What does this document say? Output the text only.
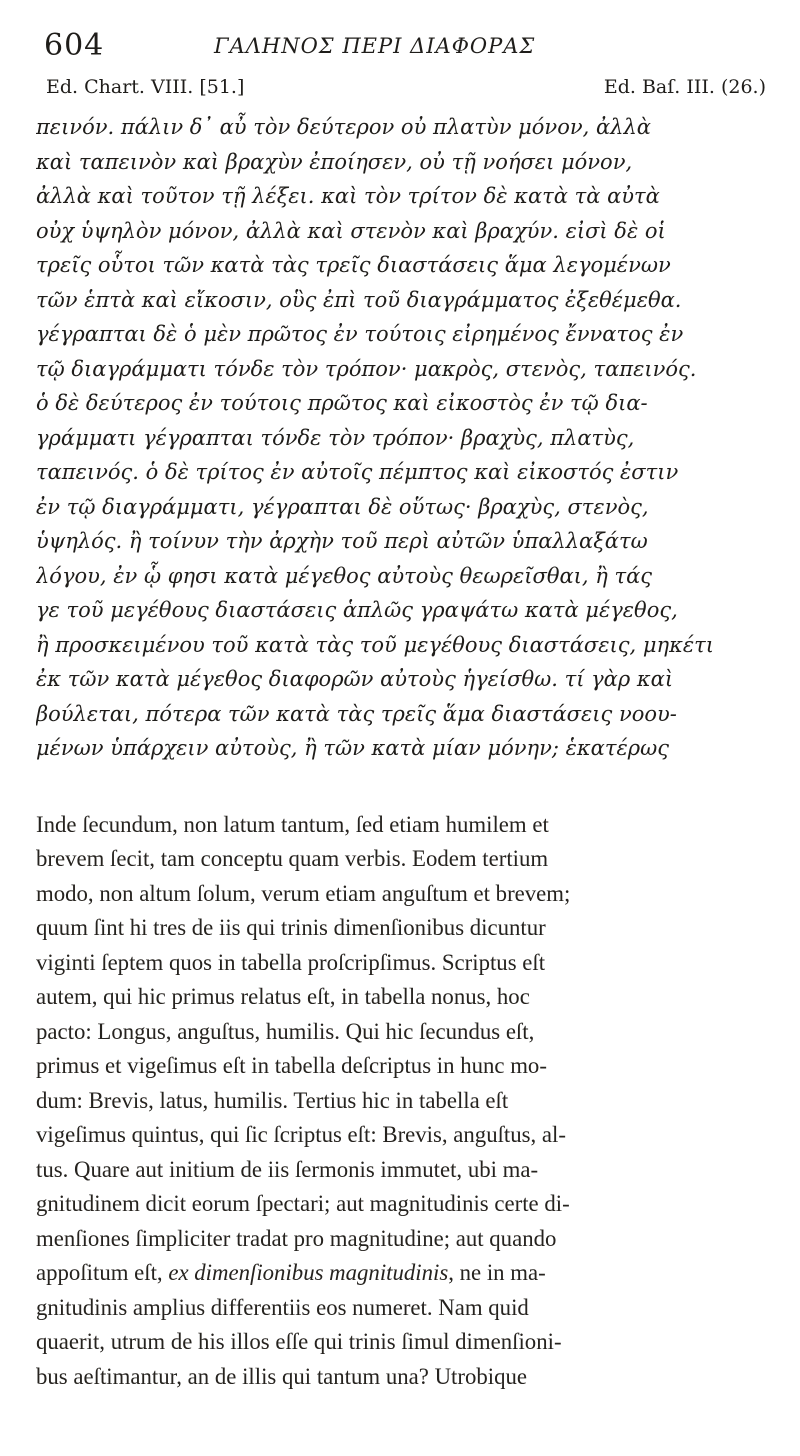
604	ΓΑΛΗΝΟΣ ΠΕΡΙ ΔΙΑΦΟΡΑΣ
Ed. Chart. VIII. [51.]	Ed. Baſ. III. (26.)
πεινόν. πάλιν δ᾽ αὖ τὸν δεύτερον οὐ πλατὺν μόνον, ἀλλὰ
καὶ ταπεινὸν καὶ βραχὺν ἐποίησεν, οὐ τῇ νοήσει μόνον,
ἀλλὰ καὶ τοῦτον τῇ λέξει. καὶ τὸν τρίτον δὲ κατὰ τὰ αὐτὰ
οὐχ ὑψηλὸν μόνον, ἀλλὰ καὶ στενὸν καὶ βραχύν. εἰσὶ δὲ οἱ
τρεῖς οὗτοι τῶν κατὰ τὰς τρεῖς διαστάσεις ἅμα λεγομένων
τῶν ἑπτὰ καὶ εἴκοσιν, οὓς ἐπὶ τοῦ διαγράμματος ἐξεθέμεθα.
γέγραπται δὲ ὁ μὲν πρῶτος ἐν τούτοις εἰρημένος ἔννατος ἐν
τῷ διαγράμματι τόνδε τὸν τρόπον· μακρὸς, στενὸς, ταπεινός.
ὁ δὲ δεύτερος ἐν τούτοις πρῶτος καὶ εἰκοστὸς ἐν τῷ δια-
γράμματι γέγραπται τόνδε τὸν τρόπον· βραχὺς, πλατὺς,
ταπεινός. ὁ δὲ τρίτος ἐν αὐτοῖς πέμπτος καὶ εἰκοστός ἐστιν
ἐν τῷ διαγράμματι, γέγραπται δὲ οὕτως· βραχὺς, στενὸς,
ὑψηλός. ἢ τοίνυν τὴν ἀρχὴν τοῦ περὶ αὐτῶν ὑπαλλαξάτω
λόγου, ἐν ᾧ φησι κατὰ μέγεθος αὐτοὺς θεωρεῖσθαι, ἢ τάς
γε τοῦ μεγέθους διαστάσεις ἁπλῶς γραψάτω κατὰ μέγεθος,
ἢ προσκειμένου τοῦ κατὰ τὰς τοῦ μεγέθους διαστάσεις, μηκέτι
ἐκ τῶν κατὰ μέγεθος διαφορῶν αὐτοὺς ἡγείσθω. τί γὰρ καὶ
βούλεται, πότερα τῶν κατὰ τὰς τρεῖς ἅμα διαστάσεις νοου-
μένων ὑπάρχειν αὐτοὺς, ἢ τῶν κατὰ μίαν μόνην; ἑκατέρως
Inde ſecundum, non latum tantum, ſed etiam humilem et
brevem ſecit, tam conceptu quam verbis. Eodem tertium
modo, non altum ſolum, verum etiam anguſtum et brevem;
quum ſint hi tres de iis qui trinis dimenſionibus dicuntur
viginti ſeptem quos in tabella proſcripſimus. Scriptus eſt
autem, qui hic primus relatus eſt, in tabella nonus, hoc
pacto: Longus, anguſtus, humilis. Qui hic ſecundus eſt,
primus et vigeſimus eſt in tabella deſcriptus in hunc mo-
dum: Brevis, latus, humilis. Tertius hic in tabella eſt
vigeſimus quintus, qui ſic ſcriptus eſt: Brevis, anguſtus, al-
tus. Quare aut initium de iis ſermonis immutet, ubi ma-
gnitudinem dicit eorum ſpectari; aut magnitudinis certe di-
menſiones ſimpliciter tradat pro magnitudine; aut quando
appoſitum eſt, ex dimenſionibus magnitudinis, ne in ma-
gnitudinis amplius differentiis eos numeret. Nam quid
quaerit, utrum de his illos eſſe qui trinis ſimul dimenſioni-
bus aeſtimantur, an de illis qui tantum una? Utrobique
